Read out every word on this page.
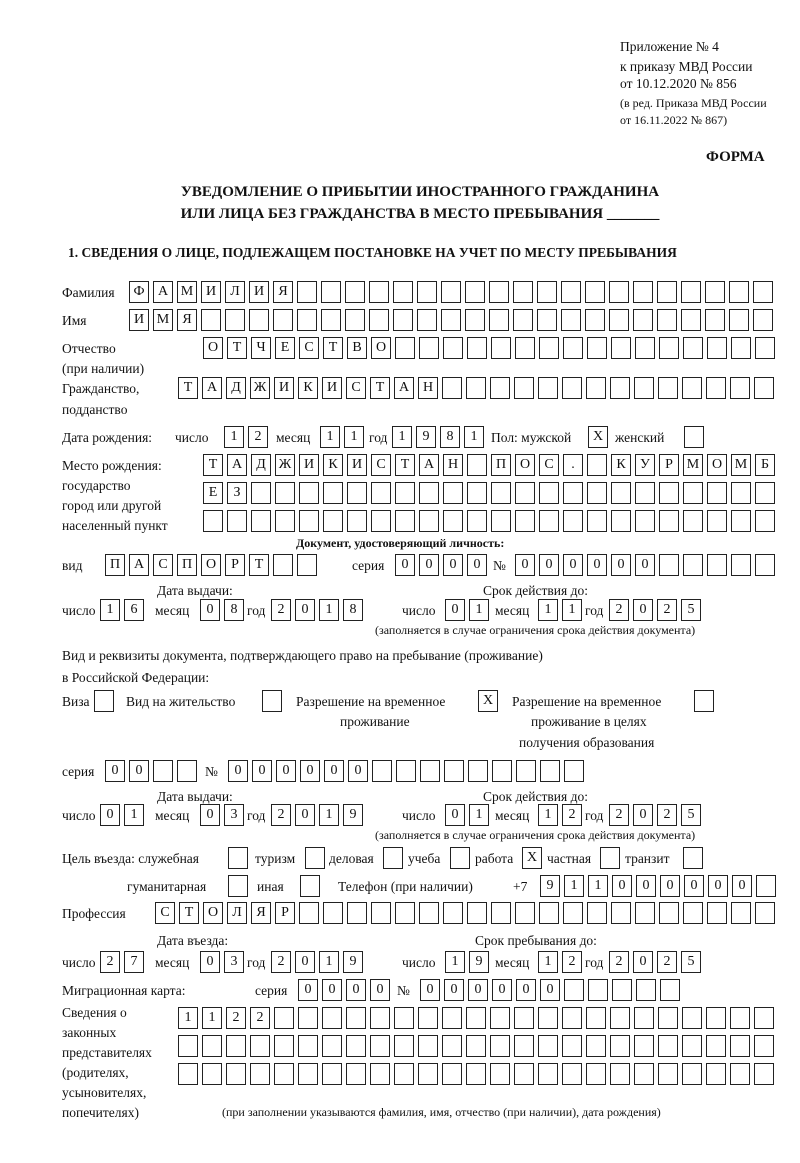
Приложение № 4
к приказу МВД России
от 10.12.2020 № 856
(в ред. Приказа МВД России
от 16.11.2022 № 867)
ФОРМА
УВЕДОМЛЕНИЕ О ПРИБЫТИИ ИНОСТРАННОГО ГРАЖДАНИНА
ИЛИ ЛИЦА БЕЗ ГРАЖДАНСТВА В МЕСТО ПРЕБЫВАНИЯ _______
1. СВЕДЕНИЯ О ЛИЦЕ, ПОДЛЕЖАЩЕМ ПОСТАНОВКЕ НА УЧЕТ ПО МЕСТУ ПРЕБЫВАНИЯ
Фамилия	Ф А М И	Л	И	Я
Имя	И М Я
Отчество
(при наличии)
О	Т	Ч	Е	С	Т	В	О
Гражданство,
подданство
Т	А	Д Ж И	К	И	С	Т	А Н
Дата рождения: число	1	2	месяц	1	1 год 1	9	8	1	Пол: мужской	X женский
Место рождения:
государство
город или другой
населенный пункт
Т	А	Д Ж И	К	И	С	Т	А Н	П О	С	.	К	У	Р М О М Б
Е	З
Документ, удостоверяющий личность:
вид	П А	С	П О	Р	Т	серия	0	0	0	0 №	0	0	0	0	0	0
Дата выдачи:	Срок действия до:
число 1	6	месяц	0	8 год 2	0	1	8	число	0	1 месяц	1	1 год 2	0	2	5
(заполняется в случае ограничения срока действия документа)
Вид и реквизиты документа, подтверждающего право на пребывание (проживание)
в Российской Федерации:
Виза	Вид на жительство	Разрешение на временное
проживание
X	Разрешение на временное
проживание в целях
получения образования
серия	0	0	№	0	0	0	0	0	0
Дата выдачи:	Срок действия до:
число 0	1	месяц	0	3 год 2	0	1	9	число	0	1 месяц	1	2 год 2	0	2	5
(заполняется в случае ограничения срока действия документа)
Цель въезда: служебная	туризм	деловая	учеба	работа X частная	транзит
гуманитарная	иная	Телефон (при наличии)	+7	9	1	1	0	0	0	0	0	0
Профессия	С	Т	О	Л	Я	Р
Дата въезда:	Срок пребывания до:
число 2	7	месяц	0	3 год 2	0	1	9	число	1	9 месяц	1	2 год 2	0	2	5
Миграционная карта:	серия	0	0	0	0	№	0	0	0	0	0	0
Сведения о
законных
представителях
(родителях,
усыновителях,
попечителях)
1	1	2	2
(при заполнении указываются фамилия, имя, отчество (при наличии), дата рождения)
